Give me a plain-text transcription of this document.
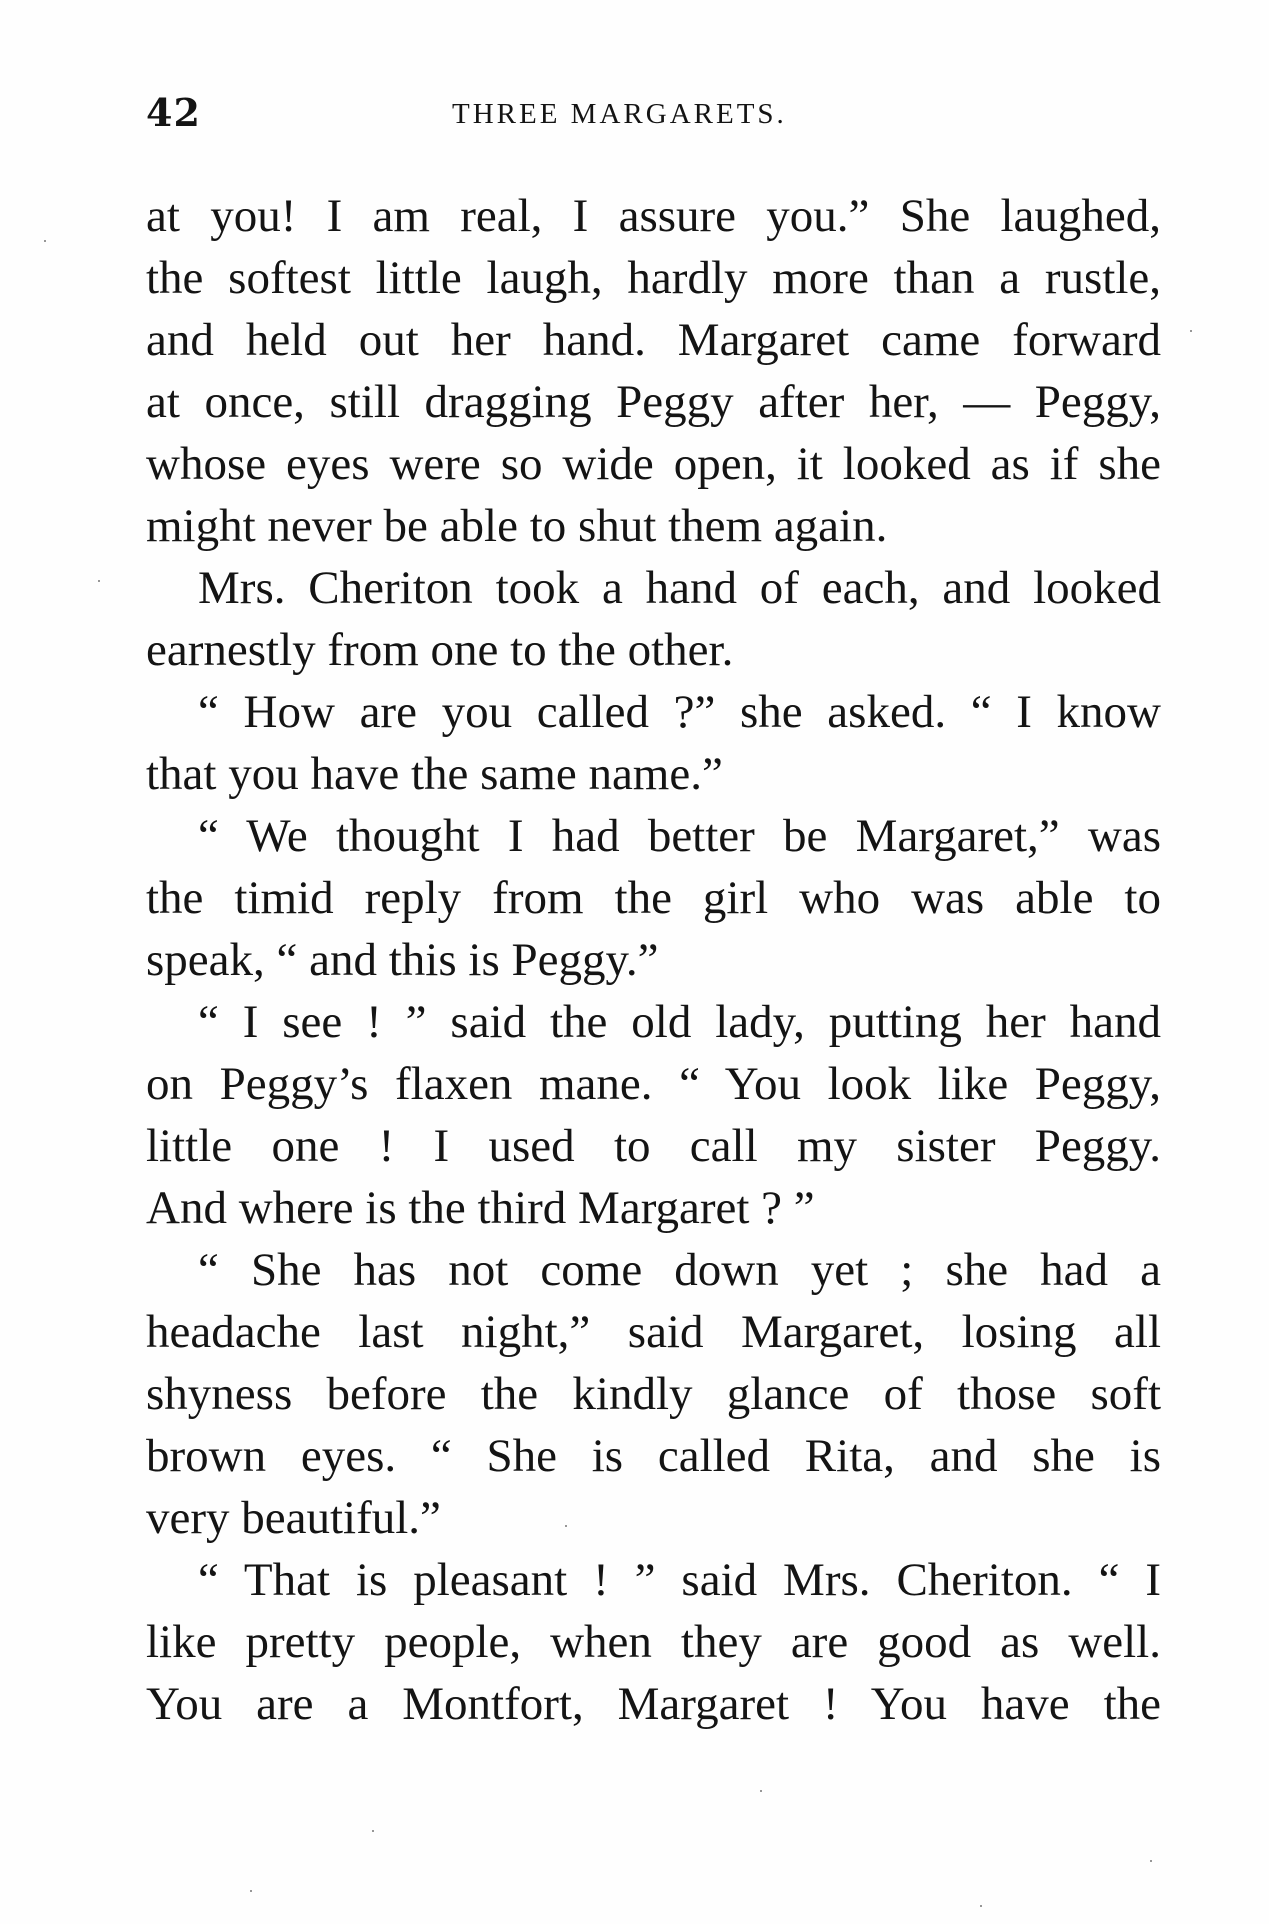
42	THREE MARGARETS.
at you! I am real, I assure you.” She laughed,
the softest little laugh, hardly more than a rustle,
and held out her hand. Margaret came forward
at once, still dragging Peggy after her, — Peggy,
whose eyes were so wide open, it looked as if she
might never be able to shut them again.
Mrs. Cheriton took a hand of each, and looked
earnestly from one to the other.
“ How are you called ?” she asked. “ I know
that you have the same name.”
“ We thought I had better be Margaret,” was
the timid reply from the girl who was able to
speak, “ and this is Peggy.”
“ I see ! ” said the old lady, putting her hand
on Peggy’s flaxen mane. “ You look like Peggy,
little one ! I used to call my sister Peggy.
And where is the third Margaret ? ”
“ She has not come down yet ; she had a
headache last night,” said Margaret, losing all
shyness before the kindly glance of those soft
brown eyes. “ She is called Rita, and she is
very beautiful.”
“ That is pleasant ! ” said Mrs. Cheriton. “ I
like pretty people, when they are good as well.
You are a Montfort, Margaret ! You have the
